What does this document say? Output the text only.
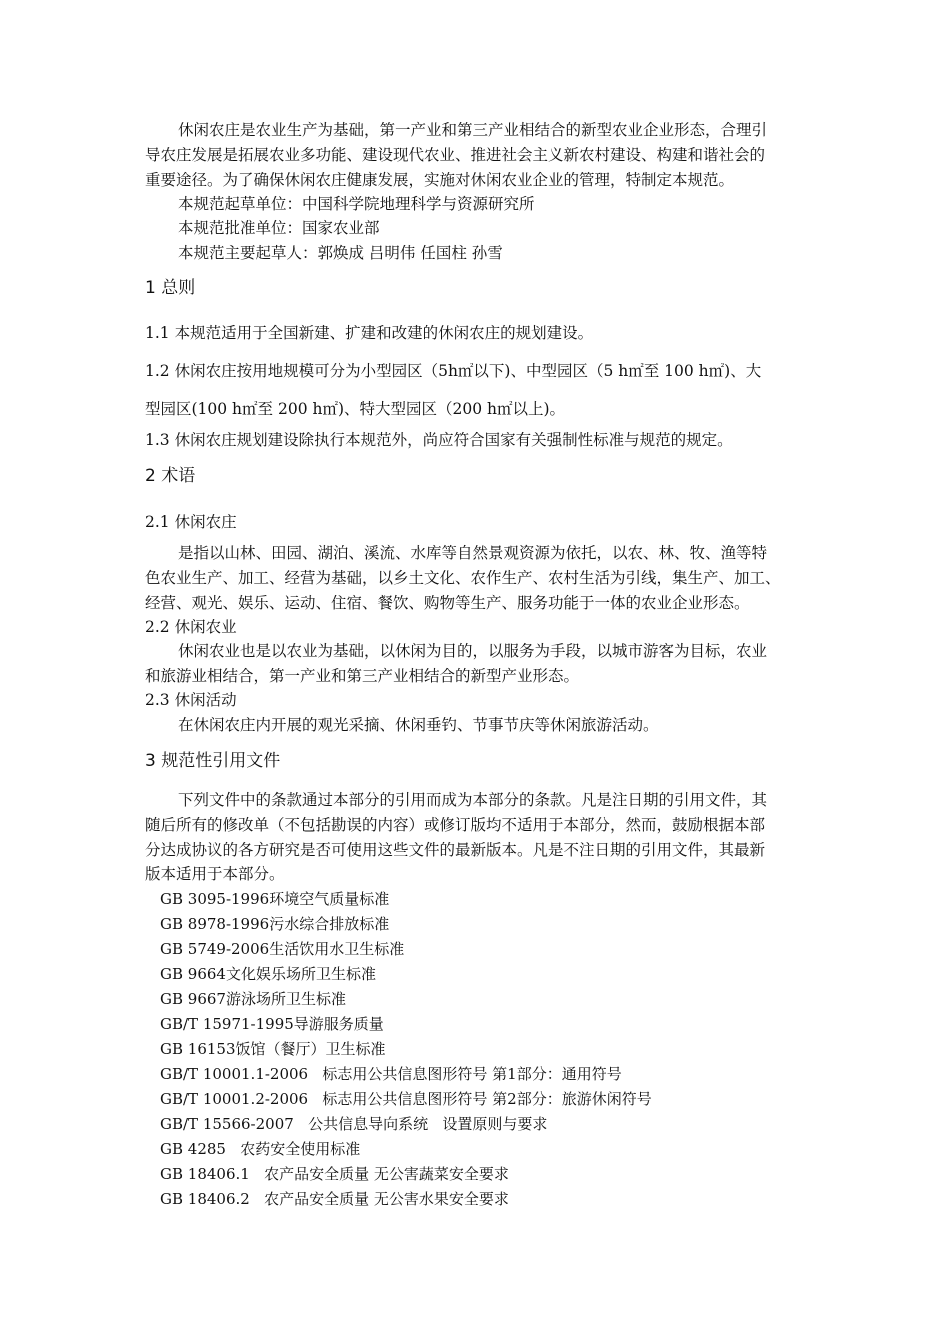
休闲农庄是农业生产为基础，第一产业和第三产业相结合的新型农业企业形态，合理引
导农庄发展是拓展农业多功能、建设现代农业、推进社会主义新农村建设、构建和谐社会的
重要途径。为了确保休闲农庄健康发展，实施对休闲农业企业的管理，特制定本规范。
本规范起草单位：中国科学院地理科学与资源研究所
本规范批准单位：国家农业部
本规范主要起草人：郭焕成 吕明伟 任国柱 孙雪
1 总则
1.1 本规范适用于全国新建、扩建和改建的休闲农庄的规划建设。
1.2 休闲农庄按用地规模可分为小型园区（5h㎡以下)、中型园区（5 h㎡至 100 h㎡)、大
型园区(100 h㎡至 200 h㎡)、特大型园区（200 h㎡以上)。
1.3 休闲农庄规划建设除执行本规范外，尚应符合国家有关强制性标准与规范的规定。
2 术语
2.1 休闲农庄
是指以山林、田园、湖泊、溪流、水库等自然景观资源为依托，以农、林、牧、渔等特
色农业生产、加工、经营为基础，以乡土文化、农作生产、农村生活为引线，集生产、加工、
经营、观光、娱乐、运动、住宿、餐饮、购物等生产、服务功能于一体的农业企业形态。
2.2 休闲农业
休闲农业也是以农业为基础，以休闲为目的，以服务为手段，以城市游客为目标，农业
和旅游业相结合，第一产业和第三产业相结合的新型产业形态。
2.3 休闲活动
在休闲农庄内开展的观光采摘、休闲垂钓、节事节庆等休闲旅游活动。
3 规范性引用文件
下列文件中的条款通过本部分的引用而成为本部分的条款。凡是注日期的引用文件，其
随后所有的修改单（不包括勘误的内容）或修订版均不适用于本部分，然而，鼓励根据本部
分达成协议的各方研究是否可使用这些文件的最新版本。凡是不注日期的引用文件，其最新
版本适用于本部分。
GB 3095-1996环境空气质量标准
GB 8978-1996污水综合排放标准
GB 5749-2006生活饮用水卫生标准
GB 9664文化娱乐场所卫生标准
GB 9667游泳场所卫生标准
GB/T 15971-1995导游服务质量
GB 16153饭馆（餐厅）卫生标准
GB/T 10001.1-2006   标志用公共信息图形符号 第1部分：通用符号
GB/T 10001.2-2006   标志用公共信息图形符号 第2部分：旅游休闲符号
GB/T 15566-2007   公共信息导向系统   设置原则与要求
GB 4285   农药安全使用标准
GB 18406.1   农产品安全质量 无公害蔬菜安全要求
GB 18406.2   农产品安全质量 无公害水果安全要求
